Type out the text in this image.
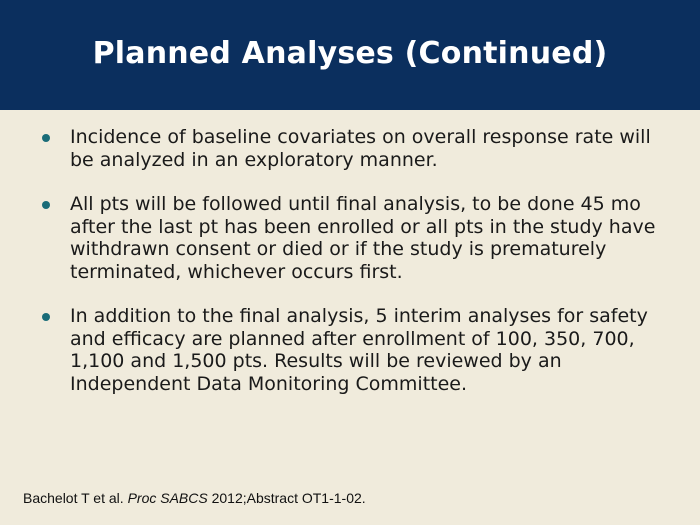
Planned Analyses (Continued)
Incidence of baseline covariates on overall response rate will be analyzed in an exploratory manner.
All pts will be followed until final analysis, to be done 45 mo after the last pt has been enrolled or all pts in the study have withdrawn consent or died or if the study is prematurely terminated, whichever occurs first.
In addition to the final analysis, 5 interim analyses for safety and efficacy are planned after enrollment of 100, 350, 700, 1,100 and 1,500 pts. Results will be reviewed by an Independent Data Monitoring Committee.
Bachelot T et al. Proc SABCS 2012;Abstract OT1-1-02.
